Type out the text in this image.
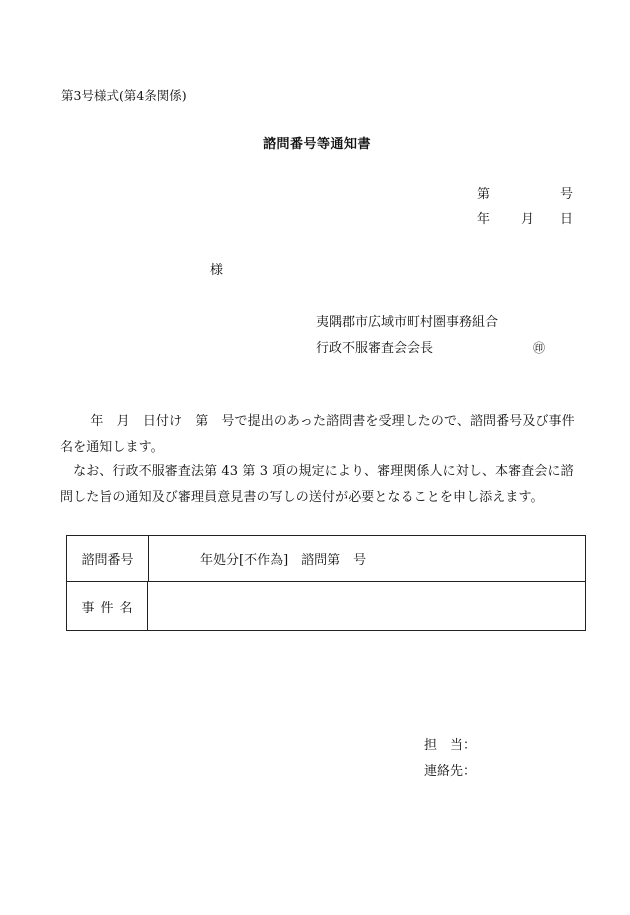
第3号様式(第4条関係)
諮問番号等通知書
第	号
年 月 日
様
夷隅郡市広域市町村圏事務組合
行政不服審査会会長	㊞
　　 年　月　日付け　第　号で提出のあった諮問書を受理したので、諮問番号及び事件名を通知します。
　なお、行政不服審査法第 43 第 3 項の規定により、審理関係人に対し、本審査会に諮問した旨の通知及び審理員意見書の写しの送付が必要となることを申し添えます。
諮問番号	年処分[不作為]　諮問第　号
事件名
担　当：
連絡先：
